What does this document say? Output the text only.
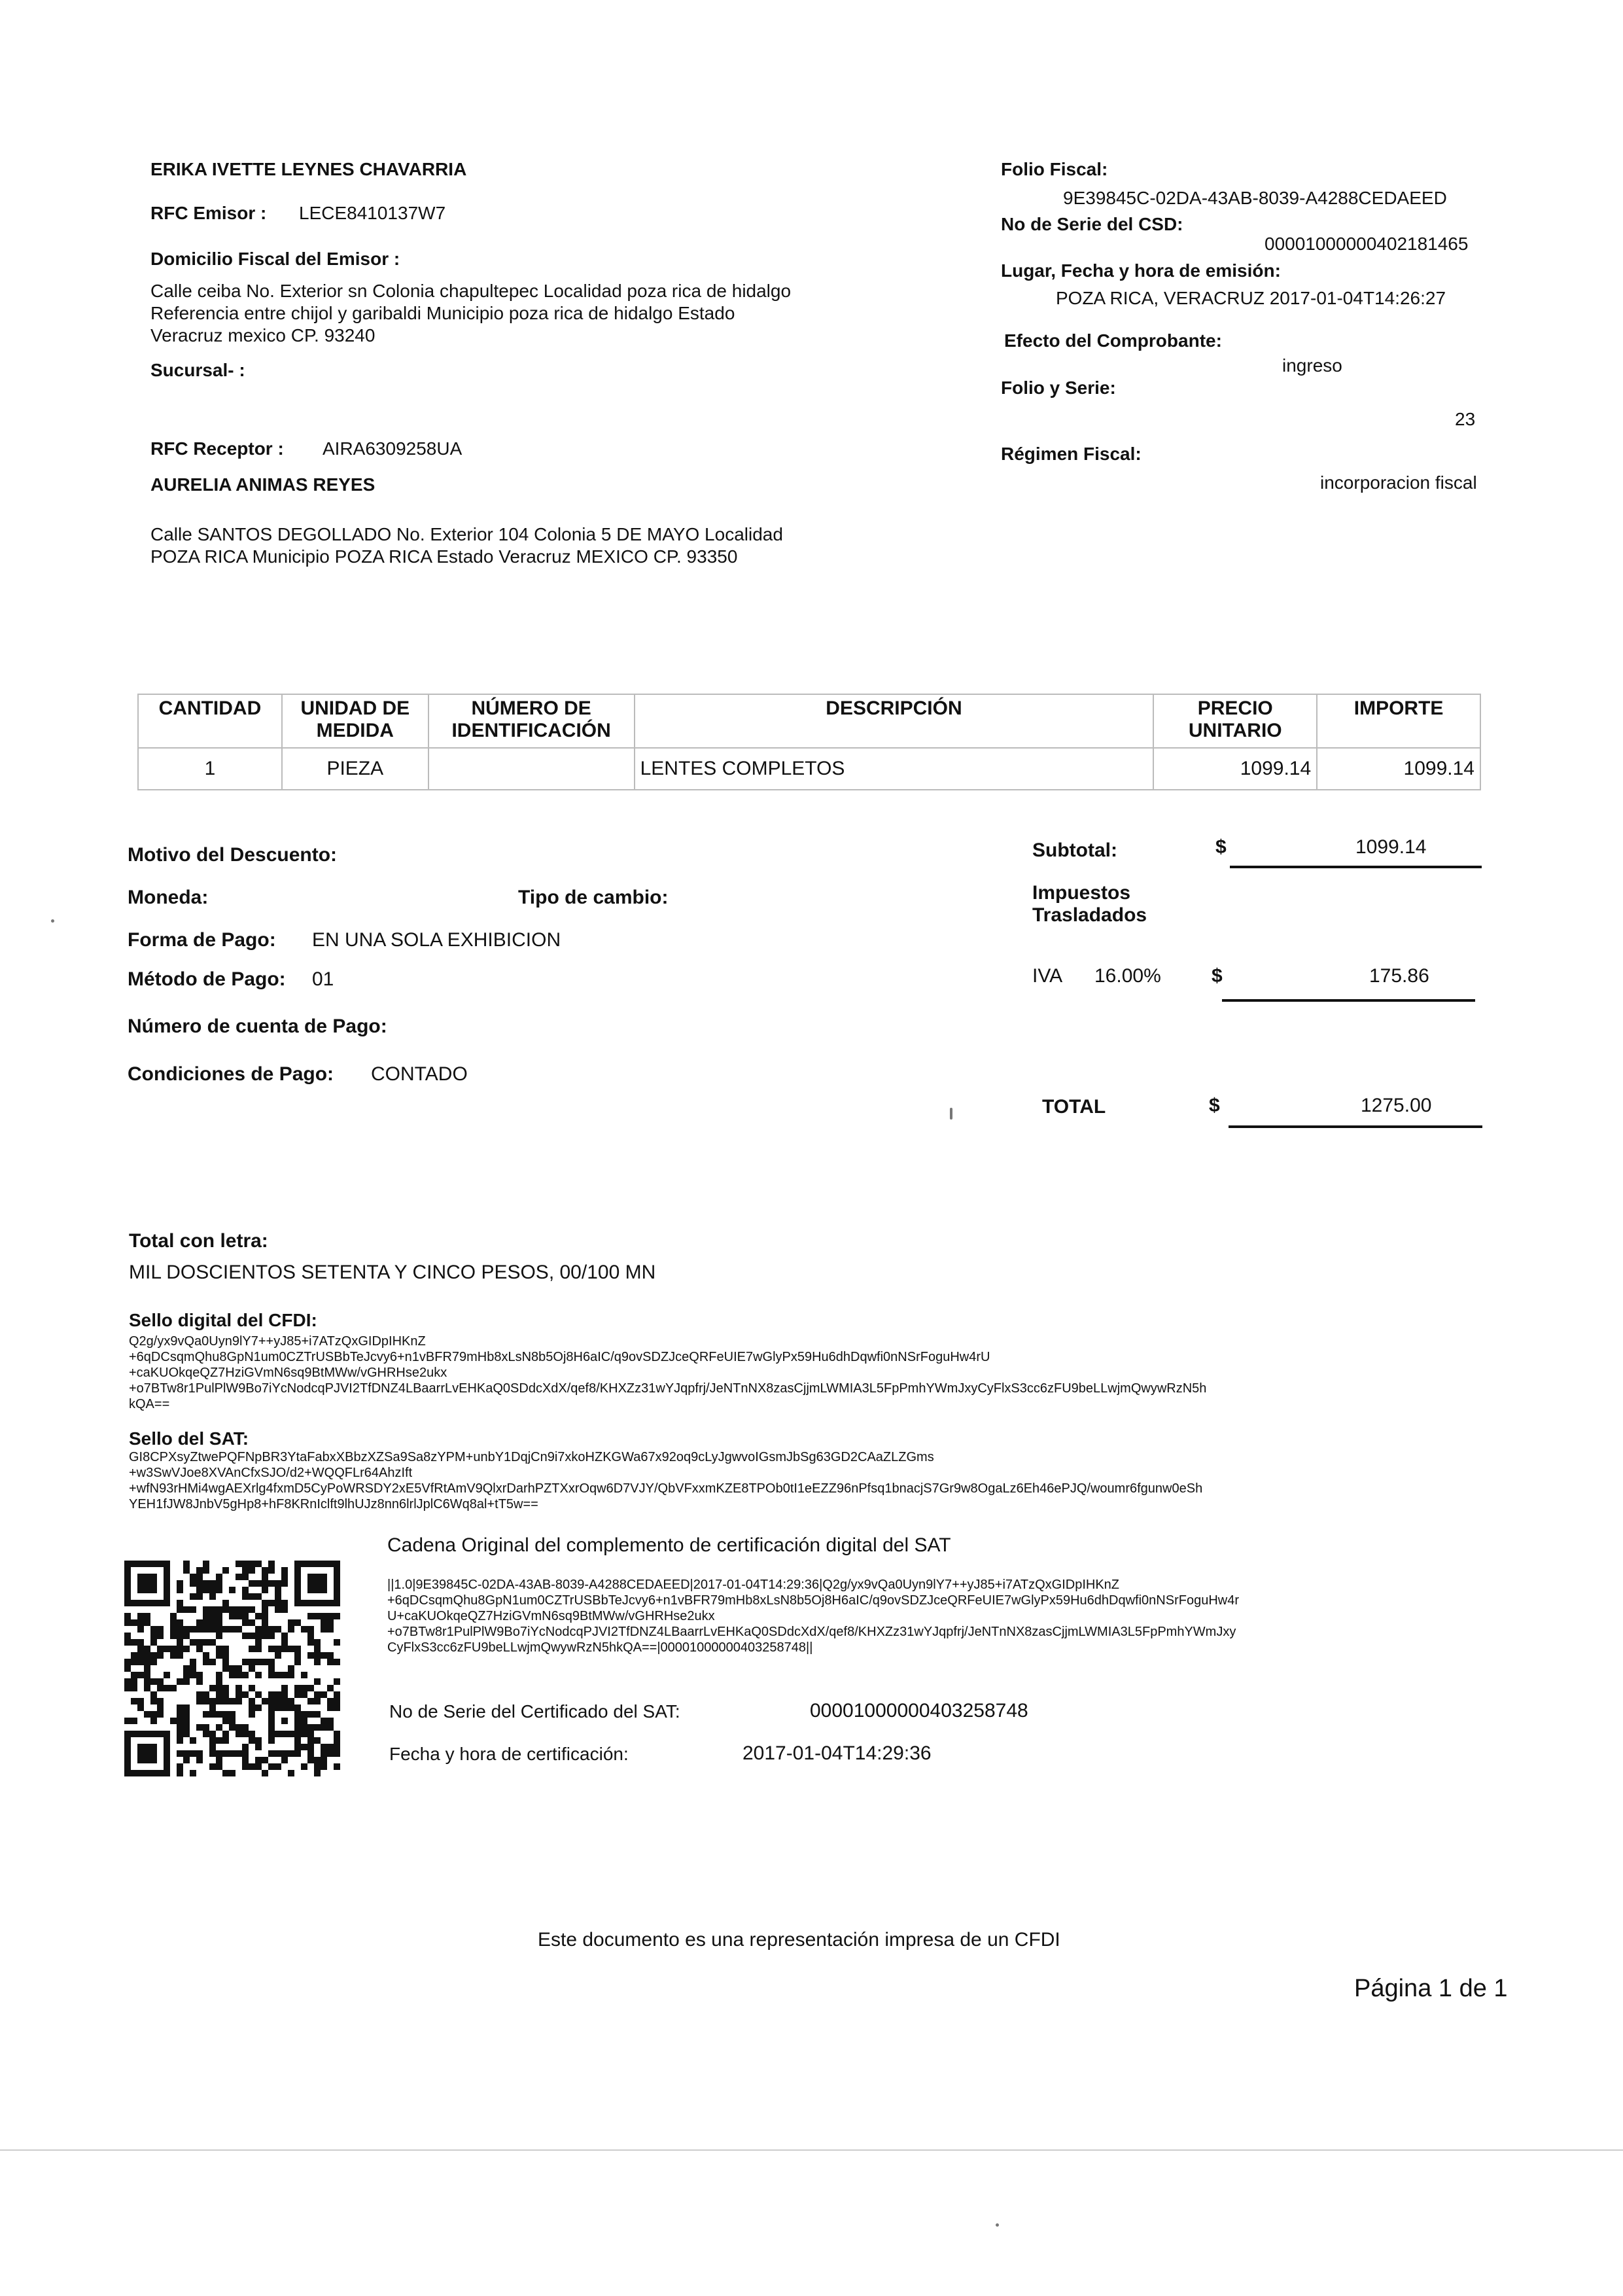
ERIKA IVETTE LEYNES CHAVARRIA
RFC Emisor : LECE8410137W7
Domicilio Fiscal del Emisor :
Calle ceiba No. Exterior sn Colonia chapultepec Localidad poza rica de hidalgo
Referencia entre chijol y garibaldi Municipio poza rica de hidalgo Estado
Veracruz mexico CP. 93240
Sucursal- :
RFC Receptor : AIRA6309258UA
AURELIA ANIMAS REYES
Calle SANTOS DEGOLLADO No. Exterior 104 Colonia 5 DE MAYO Localidad
POZA RICA Municipio POZA RICA Estado Veracruz MEXICO CP. 93350
Folio Fiscal:
9E39845C-02DA-43AB-8039-A4288CEDAEED
No de Serie del CSD:
00001000000402181465
Lugar, Fecha y hora de emisión:
POZA RICA, VERACRUZ 2017-01-04T14:26:27
Efecto del Comprobante:
ingreso
Folio y Serie:
23
Régimen Fiscal:
incorporacion fiscal
CANTIDAD	UNIDAD DE MEDIDA	NÚMERO DE IDENTIFICACIÓN	DESCRIPCIÓN	PRECIO UNITARIO	IMPORTE
1	PIEZA		LENTES COMPLETOS	1099.14	1099.14
Motivo del Descuento:
Moneda:	Tipo de cambio:
Forma de Pago: EN UNA SOLA EXHIBICION
Método de Pago: 01
Número de cuenta de Pago:
Condiciones de Pago: CONTADO
Subtotal:	$	1099.14
Impuestos
Trasladados
IVA 16.00%	$	175.86
TOTAL	$	1275.00
Total con letra:
MIL DOSCIENTOS SETENTA Y CINCO PESOS, 00/100 MN
Sello digital del CFDI:
Q2g/yx9vQa0Uyn9lY7++yJ85+i7ATzQxGIDpIHKnZ
+6qDCsqmQhu8GpN1um0CZTrUSBbTeJcvy6+n1vBFR79mHb8xLsN8b5Oj8H6aIC/q9ovSDZJceQRFeUIE7wGlyPx59Hu6dhDqwfi0nNSrFoguHw4rU
+caKUOkqeQZ7HziGVmN6sq9BtMWw/vGHRHse2ukx
+o7BTw8r1PulPlW9Bo7iYcNodcqPJVI2TfDNZ4LBaarrLvEHKaQ0SDdcXdX/qef8/KHXZz31wYJqpfrj/JeNTnNX8zasCjjmLWMIA3L5FpPmhYWmJxyCyFlxS3cc6zFU9beLLwjmQwywRzN5h
kQA==
Sello del SAT:
GI8CPXsyZtwePQFNpBR3YtaFabxXBbzXZSa9Sa8zYPM+unbY1DqjCn9i7xkoHZKGWa67x92oq9cLyJgwvoIGsmJbSg63GD2CAaZLZGms
+w3SwVJoe8XVAnCfxSJO/d2+WQQFLr64AhzIft
+wfN93rHMi4wgAEXrlg4fxmD5CyPoWRSDY2xE5VfRtAmV9QlxrDarhPZTXxrOqw6D7VJY/QbVFxxmKZE8TPOb0tI1eEZZ96nPfsq1bnacjS7Gr9w8OgaLz6Eh46ePJQ/woumr6fgunw0eSh
YEH1fJW8JnbV5gHp8+hF8KRnIclft9lhUJz8nn6lrlJplC6Wq8al+tT5w==
Cadena Original del complemento de certificación digital del SAT
||1.0|9E39845C-02DA-43AB-8039-A4288CEDAEED|2017-01-04T14:29:36|Q2g/yx9vQa0Uyn9lY7++yJ85+i7ATzQxGIDpIHKnZ
+6qDCsqmQhu8GpN1um0CZTrUSBbTeJcvy6+n1vBFR79mHb8xLsN8b5Oj8H6aIC/q9ovSDZJceQRFeUIE7wGlyPx59Hu6dhDqwfi0nNSrFoguHw4r
U+caKUOkqeQZ7HziGVmN6sq9BtMWw/vGHRHse2ukx
+o7BTw8r1PulPlW9Bo7iYcNodcqPJVI2TfDNZ4LBaarrLvEHKaQ0SDdcXdX/qef8/KHXZz31wYJqpfrj/JeNTnNX8zasCjjmLWMIA3L5FpPmhYWmJxy
CyFlxS3cc6zFU9beLLwjmQwywRzN5hkQA==|00001000000403258748||
No de Serie del Certificado del SAT:	00001000000403258748
Fecha y hora de certificación:	2017-01-04T14:29:36
Este documento es una representación impresa de un CFDI
Página 1 de 1
